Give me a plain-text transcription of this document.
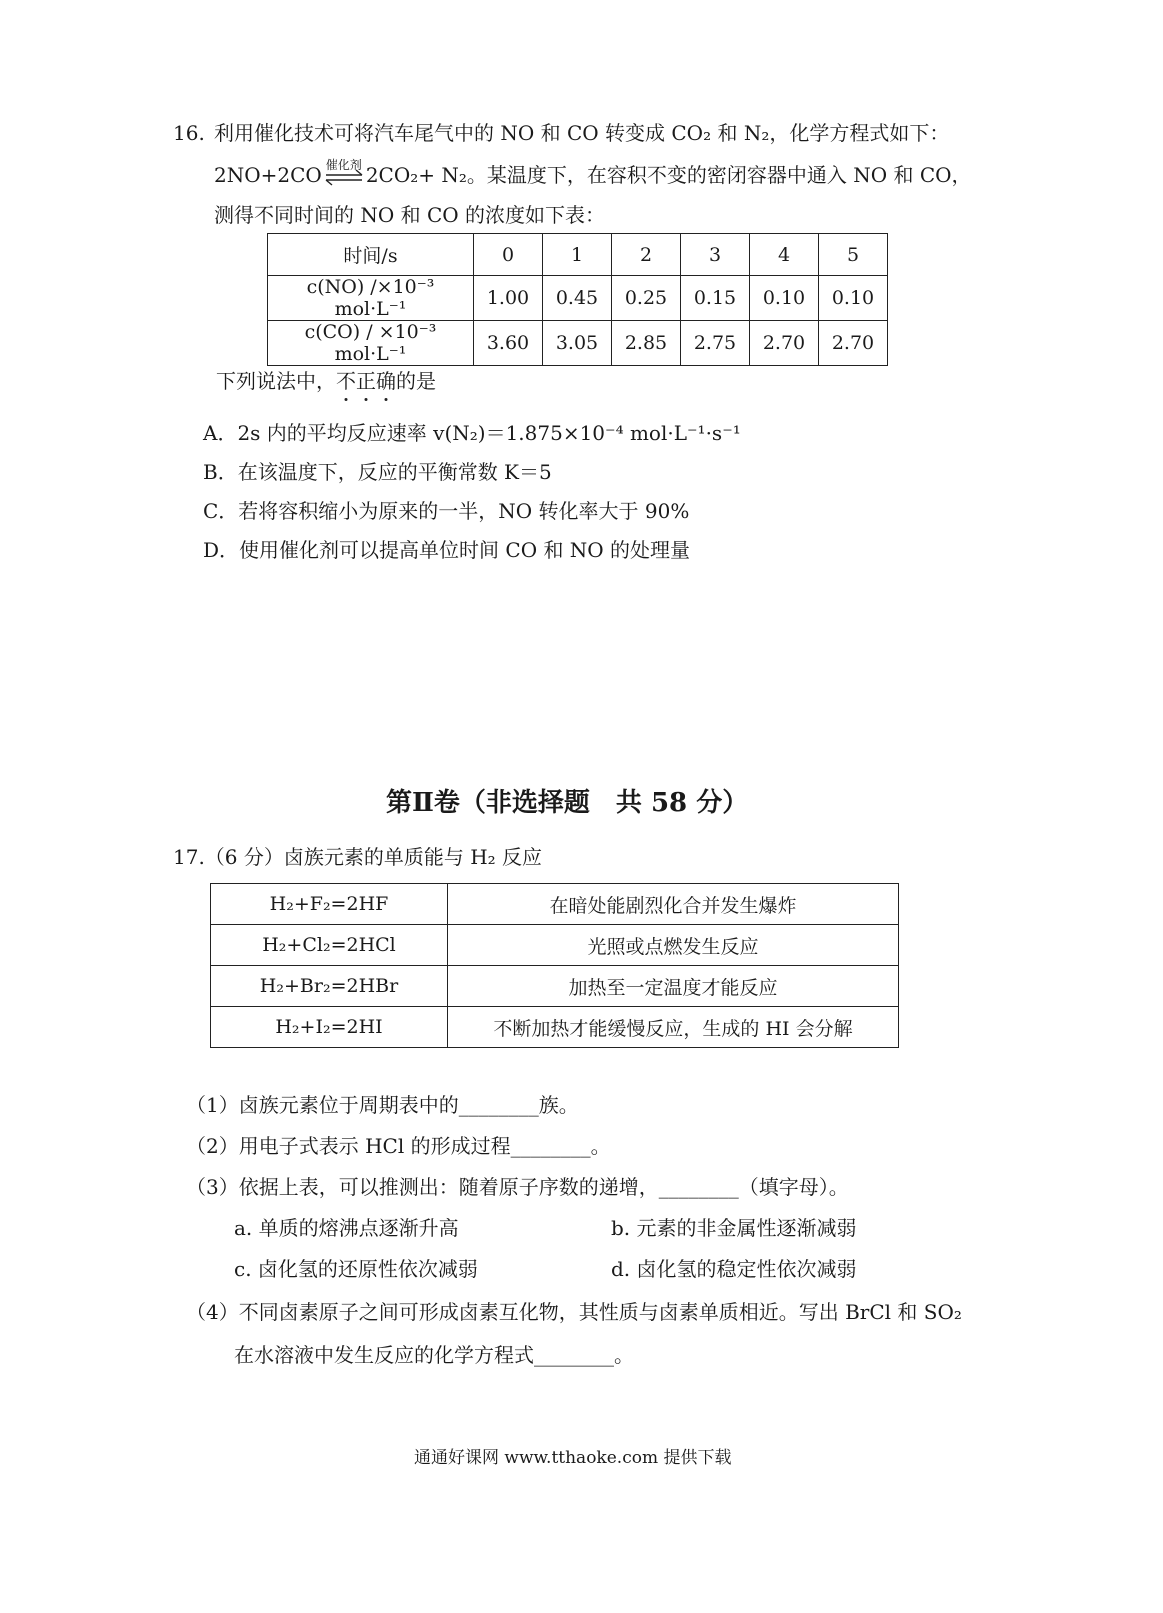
16. 利用催化技术可将汽车尾气中的 NO 和 CO 转变成 CO₂ 和 N₂，化学方程式如下：
2NO+2CO 催化剂 2CO₂+ N₂。某温度下，在容积不变的密闭容器中通入 NO 和 CO，
测得不同时间的 NO 和 CO 的浓度如下表：
时间/s	0	1	2	3	4	5
c(NO) /×10⁻³ mol·L⁻¹	1.00	0.45	0.25	0.15	0.10	0.10
c(CO) / ×10⁻³ mol·L⁻¹	3.60	3.05	2.85	2.75	2.70	2.70
下列说法中，不正确的是
A．2s 内的平均反应速率 v(N₂)＝1.875×10⁻⁴ mol·L⁻¹·s⁻¹
B．在该温度下，反应的平衡常数 K＝5
C．若将容积缩小为原来的一半，NO 转化率大于 90%
D．使用催化剂可以提高单位时间 CO 和 NO 的处理量
第Ⅱ卷（非选择题　共 58 分）
17.（6 分）卤族元素的单质能与 H₂ 反应
H₂+F₂=2HF	在暗处能剧烈化合并发生爆炸
H₂+Cl₂=2HCl	光照或点燃发生反应
H₂+Br₂=2HBr	加热至一定温度才能反应
H₂+I₂=2HI	不断加热才能缓慢反应，生成的 HI 会分解
（1）卤族元素位于周期表中的________族。
（2）用电子式表示 HCl 的形成过程________。
（3）依据上表，可以推测出：随着原子序数的递增，________（填字母）。
a. 单质的熔沸点逐渐升高	b. 元素的非金属性逐渐减弱
c. 卤化氢的还原性依次减弱	d. 卤化氢的稳定性依次减弱
（4）不同卤素原子之间可形成卤素互化物，其性质与卤素单质相近。写出 BrCl 和 SO₂
在水溶液中发生反应的化学方程式________。
通通好课网 www.tthaoke.com 提供下载
